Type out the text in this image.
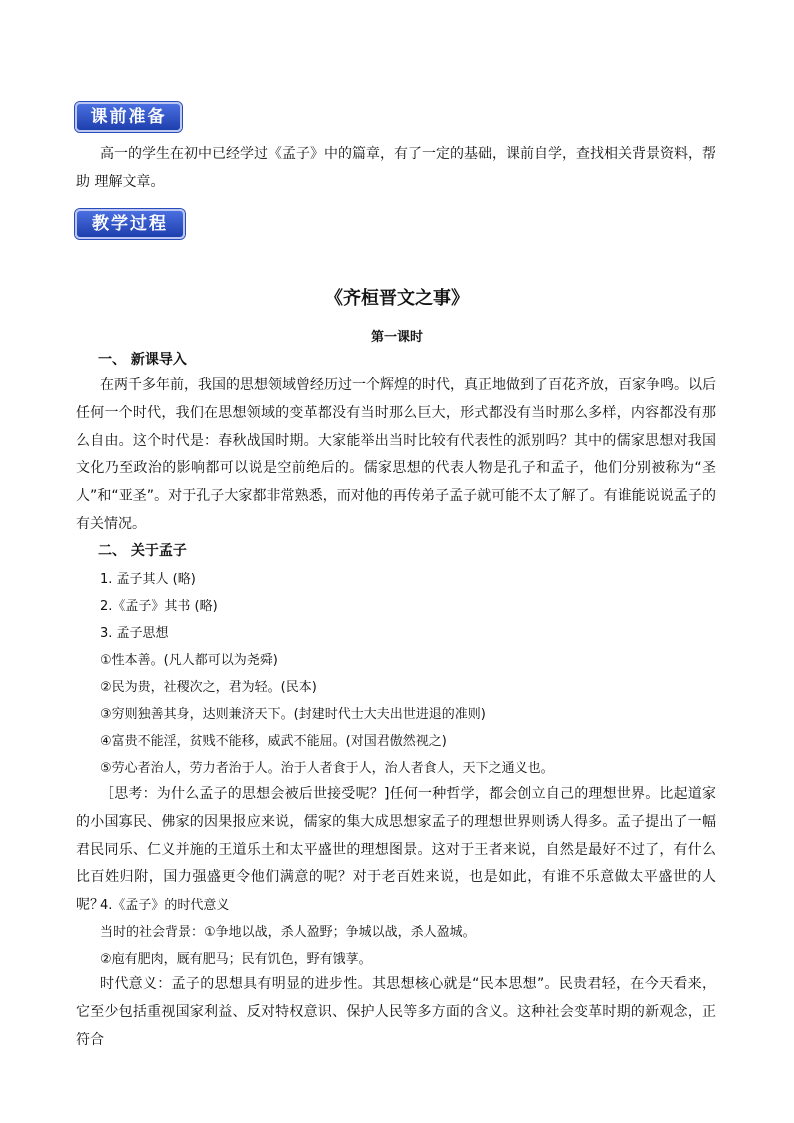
课前准备

高一的学生在初中已经学过《孟子》中的篇章，有了一定的基础，课前自学，查找相关背景资料，帮助 理解文章。

教学过程
《齐桓晋文之事》
第一课时
一、 新课导入

在两千多年前，我国的思想领域曾经历过一个辉煌的时代，真正地做到了百花齐放，百家争鸣。以后任何一个时代，我们在思想领域的变革都没有当时那么巨大，形式都没有当时那么多样，内容都没有那么自由。这个时代是：春秋战国时期。大家能举出当时比较有代表性的派别吗？其中的儒家思想对我国文化乃至政治的影响都可以说是空前绝后的。儒家思想的代表人物是孔子和孟子，他们分别被称为“圣人”和“亚圣”。对于孔子大家都非常熟悉，而对他的再传弟子孟子就可能不太了解了。有谁能说说孟子的有关情况。

二、 关于孟子
1. 孟子其人 (略)
2.《孟子》其书 (略)
3. 孟子思想
①性本善。(凡人都可以为尧舜)
②民为贵，社稷次之，君为轻。(民本)
③穷则独善其身，达则兼济天下。(封建时代士大夫出世进退的准则)
④富贵不能淫，贫贱不能移，威武不能屈。(对国君傲然视之)
⑤劳心者治人，劳力者治于人。治于人者食于人，治人者食人，天下之通义也。

［思考：为什么孟子的思想会被后世接受呢？]任何一种哲学，都会创立自己的理想世界。比起道家的小国寡民、佛家的因果报应来说，儒家的集大成思想家孟子的理想世界则诱人得多。孟子提出了一幅君民同乐、仁义并施的王道乐土和太平盛世的理想图景。这对于王者来说，自然是最好不过了，有什么比百姓归附，国力强盛更令他们满意的呢？对于老百姓来说，也是如此，有谁不乐意做太平盛世的人呢？

4.《孟子》的时代意义
当时的社会背景：①争地以战，杀人盈野；争城以战，杀人盈城。
②庖有肥肉，厩有肥马；民有饥色，野有饿莩。

时代意义：孟子的思想具有明显的进步性。其思想核心就是“民本思想”。民贵君轻，在今天看来，它至少包括重视国家利益、反对特权意识、保护人民等多方面的含义。这种社会变革时期的新观念，正符合
